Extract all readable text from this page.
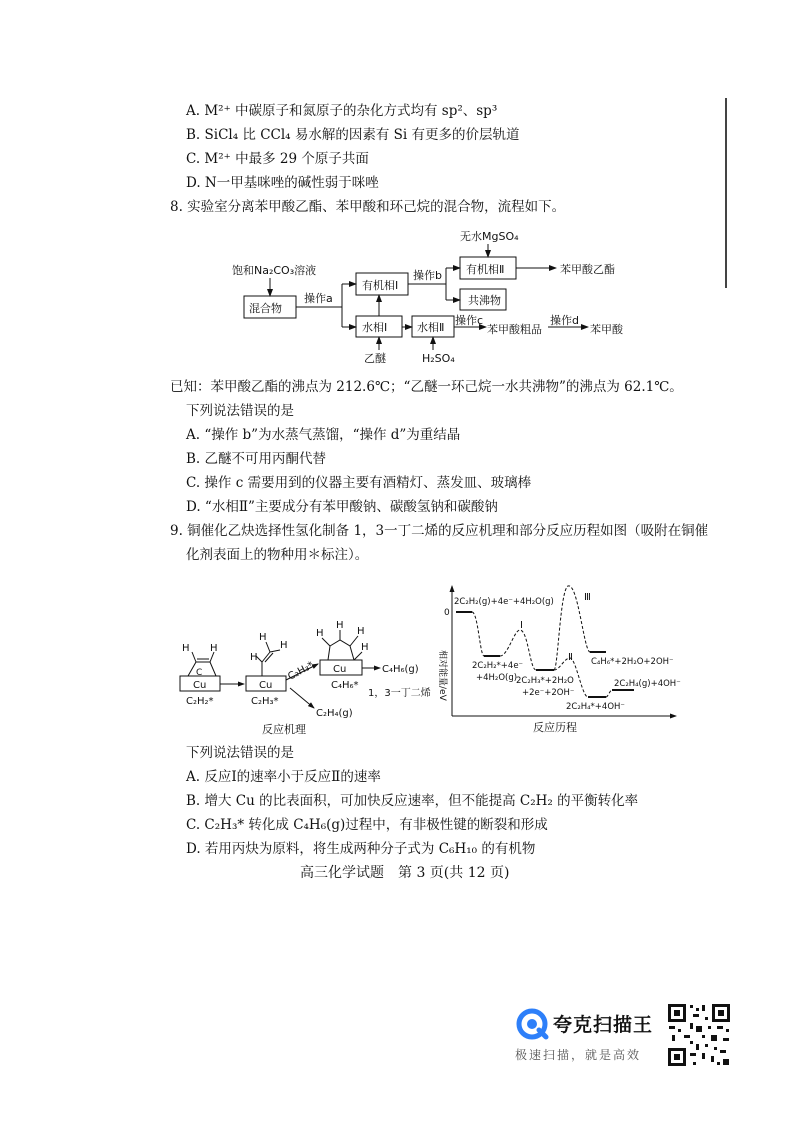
A. M²⁺ 中碳原子和氮原子的杂化方式均有 sp²、sp³
B. SiCl₄ 比 CCl₄ 易水解的因素有 Si 有更多的价层轨道
C. M²⁺ 中最多 29 个原子共面
D. N一甲基咪唑的碱性弱于咪唑
8. 实验室分离苯甲酸乙酯、苯甲酸和环己烷的混合物，流程如下。
饱和Na₂CO₃溶液
混合物
操作a
有机相Ⅰ
操作b
无水MgSO₄
有机相Ⅱ	苯甲酸乙酯
共沸物
水相Ⅰ	水相Ⅱ
操作c
苯甲酸粗品
操作d
苯甲酸
乙醚	H₂SO₄
已知：苯甲酸乙酯的沸点为 212.6℃；“乙醚一环己烷一水共沸物”的沸点为 62.1℃。
下列说法错误的是
A. “操作 b”为水蒸气蒸馏，“操作 d”为重结晶
B. 乙醚不可用丙酮代替
C. 操作 c 需要用到的仪器主要有酒精灯、蒸发皿、玻璃棒
D. “水相Ⅱ”主要成分有苯甲酸钠、碳酸氢钠和碳酸钠
9. 铜催化乙炔选择性氢化制备 1，3一丁二烯的反应机理和部分反应历程如图（吸附在铜催
化剂表面上的物种用＊标注）。
H H
C
H
H
H
H
H
H
H
Cu	Cu
Cu
C₂H₂*	C₂H₃*
C₂H₃*
C₄H₆*
C₄H₆(g)
1，3一丁二烯
C₂H₄(g)
反应机理
相对能量/eV
0
2C₂H₂(g)+4e⁻+4H₂O(g)
2C₂H₂*+4e⁻
+4H₂O(g)
2C₂H₃*+2H₂O
+2e⁻+2OH⁻
C₄H₆*+2H₂O+2OH⁻
2C₂H₄*+4OH⁻
2C₂H₄(g)+4OH⁻
Ⅰ
Ⅱ
Ⅲ
反应历程
下列说法错误的是
A. 反应Ⅰ的速率小于反应Ⅱ的速率
B. 增大 Cu 的比表面积，可加快反应速率，但不能提高 C₂H₂ 的平衡转化率
C. C₂H₃* 转化成 C₄H₆(g)过程中，有非极性键的断裂和形成
D. 若用丙炔为原料，将生成两种分子式为 C₆H₁₀ 的有机物
高三化学试题　第 3 页(共 12 页)
夸克扫描王
极速扫描，就是高效
